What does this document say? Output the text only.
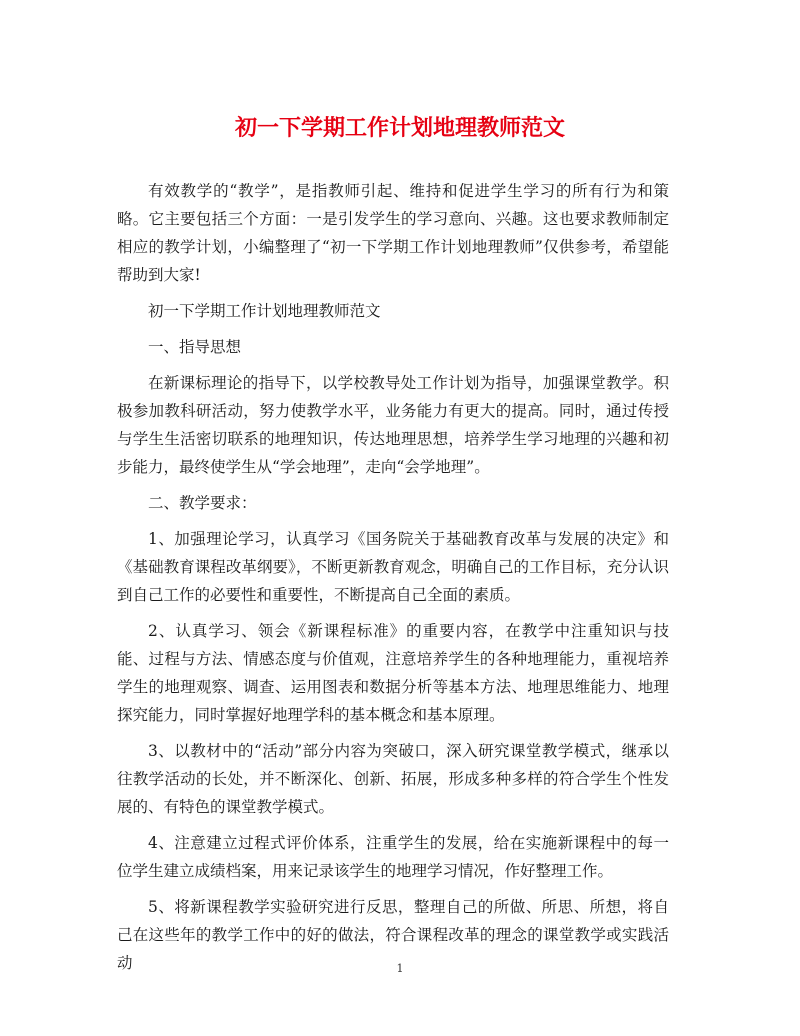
初一下学期工作计划地理教师范文

有效教学的“教学”，是指教师引起、维持和促进学生学习的所有行为和策略。它主要包括三个方面：一是引发学生的学习意向、兴趣。这也要求教师制定相应的教学计划，小编整理了“初一下学期工作计划地理教师”仅供参考，希望能帮助到大家!

初一下学期工作计划地理教师范文

一、指导思想

在新课标理论的指导下，以学校教导处工作计划为指导，加强课堂教学。积极参加教科研活动，努力使教学水平，业务能力有更大的提高。同时，通过传授与学生生活密切联系的地理知识，传达地理思想，培养学生学习地理的兴趣和初步能力，最终使学生从“学会地理”，走向“会学地理”。

二、教学要求：

1、加强理论学习，认真学习《国务院关于基础教育改革与发展的决定》和《基础教育课程改革纲要》，不断更新教育观念，明确自己的工作目标，充分认识到自己工作的必要性和重要性，不断提高自己全面的素质。

2、认真学习、领会《新课程标准》的重要内容，在教学中注重知识与技能、过程与方法、情感态度与价值观，注意培养学生的各种地理能力，重视培养学生的地理观察、调查、运用图表和数据分析等基本方法、地理思维能力、地理探究能力，同时掌握好地理学科的基本概念和基本原理。

3、以教材中的“活动”部分内容为突破口，深入研究课堂教学模式，继承以往教学活动的长处，并不断深化、创新、拓展，形成多种多样的符合学生个性发展的、有特色的课堂教学模式。

4、注意建立过程式评价体系，注重学生的发展，给在实施新课程中的每一位学生建立成绩档案，用来记录该学生的地理学习情况，作好整理工作。

5、将新课程教学实验研究进行反思，整理自己的所做、所思、所想，将自己在这些年的教学工作中的好的做法，符合课程改革的理念的课堂教学或实践活动	1
